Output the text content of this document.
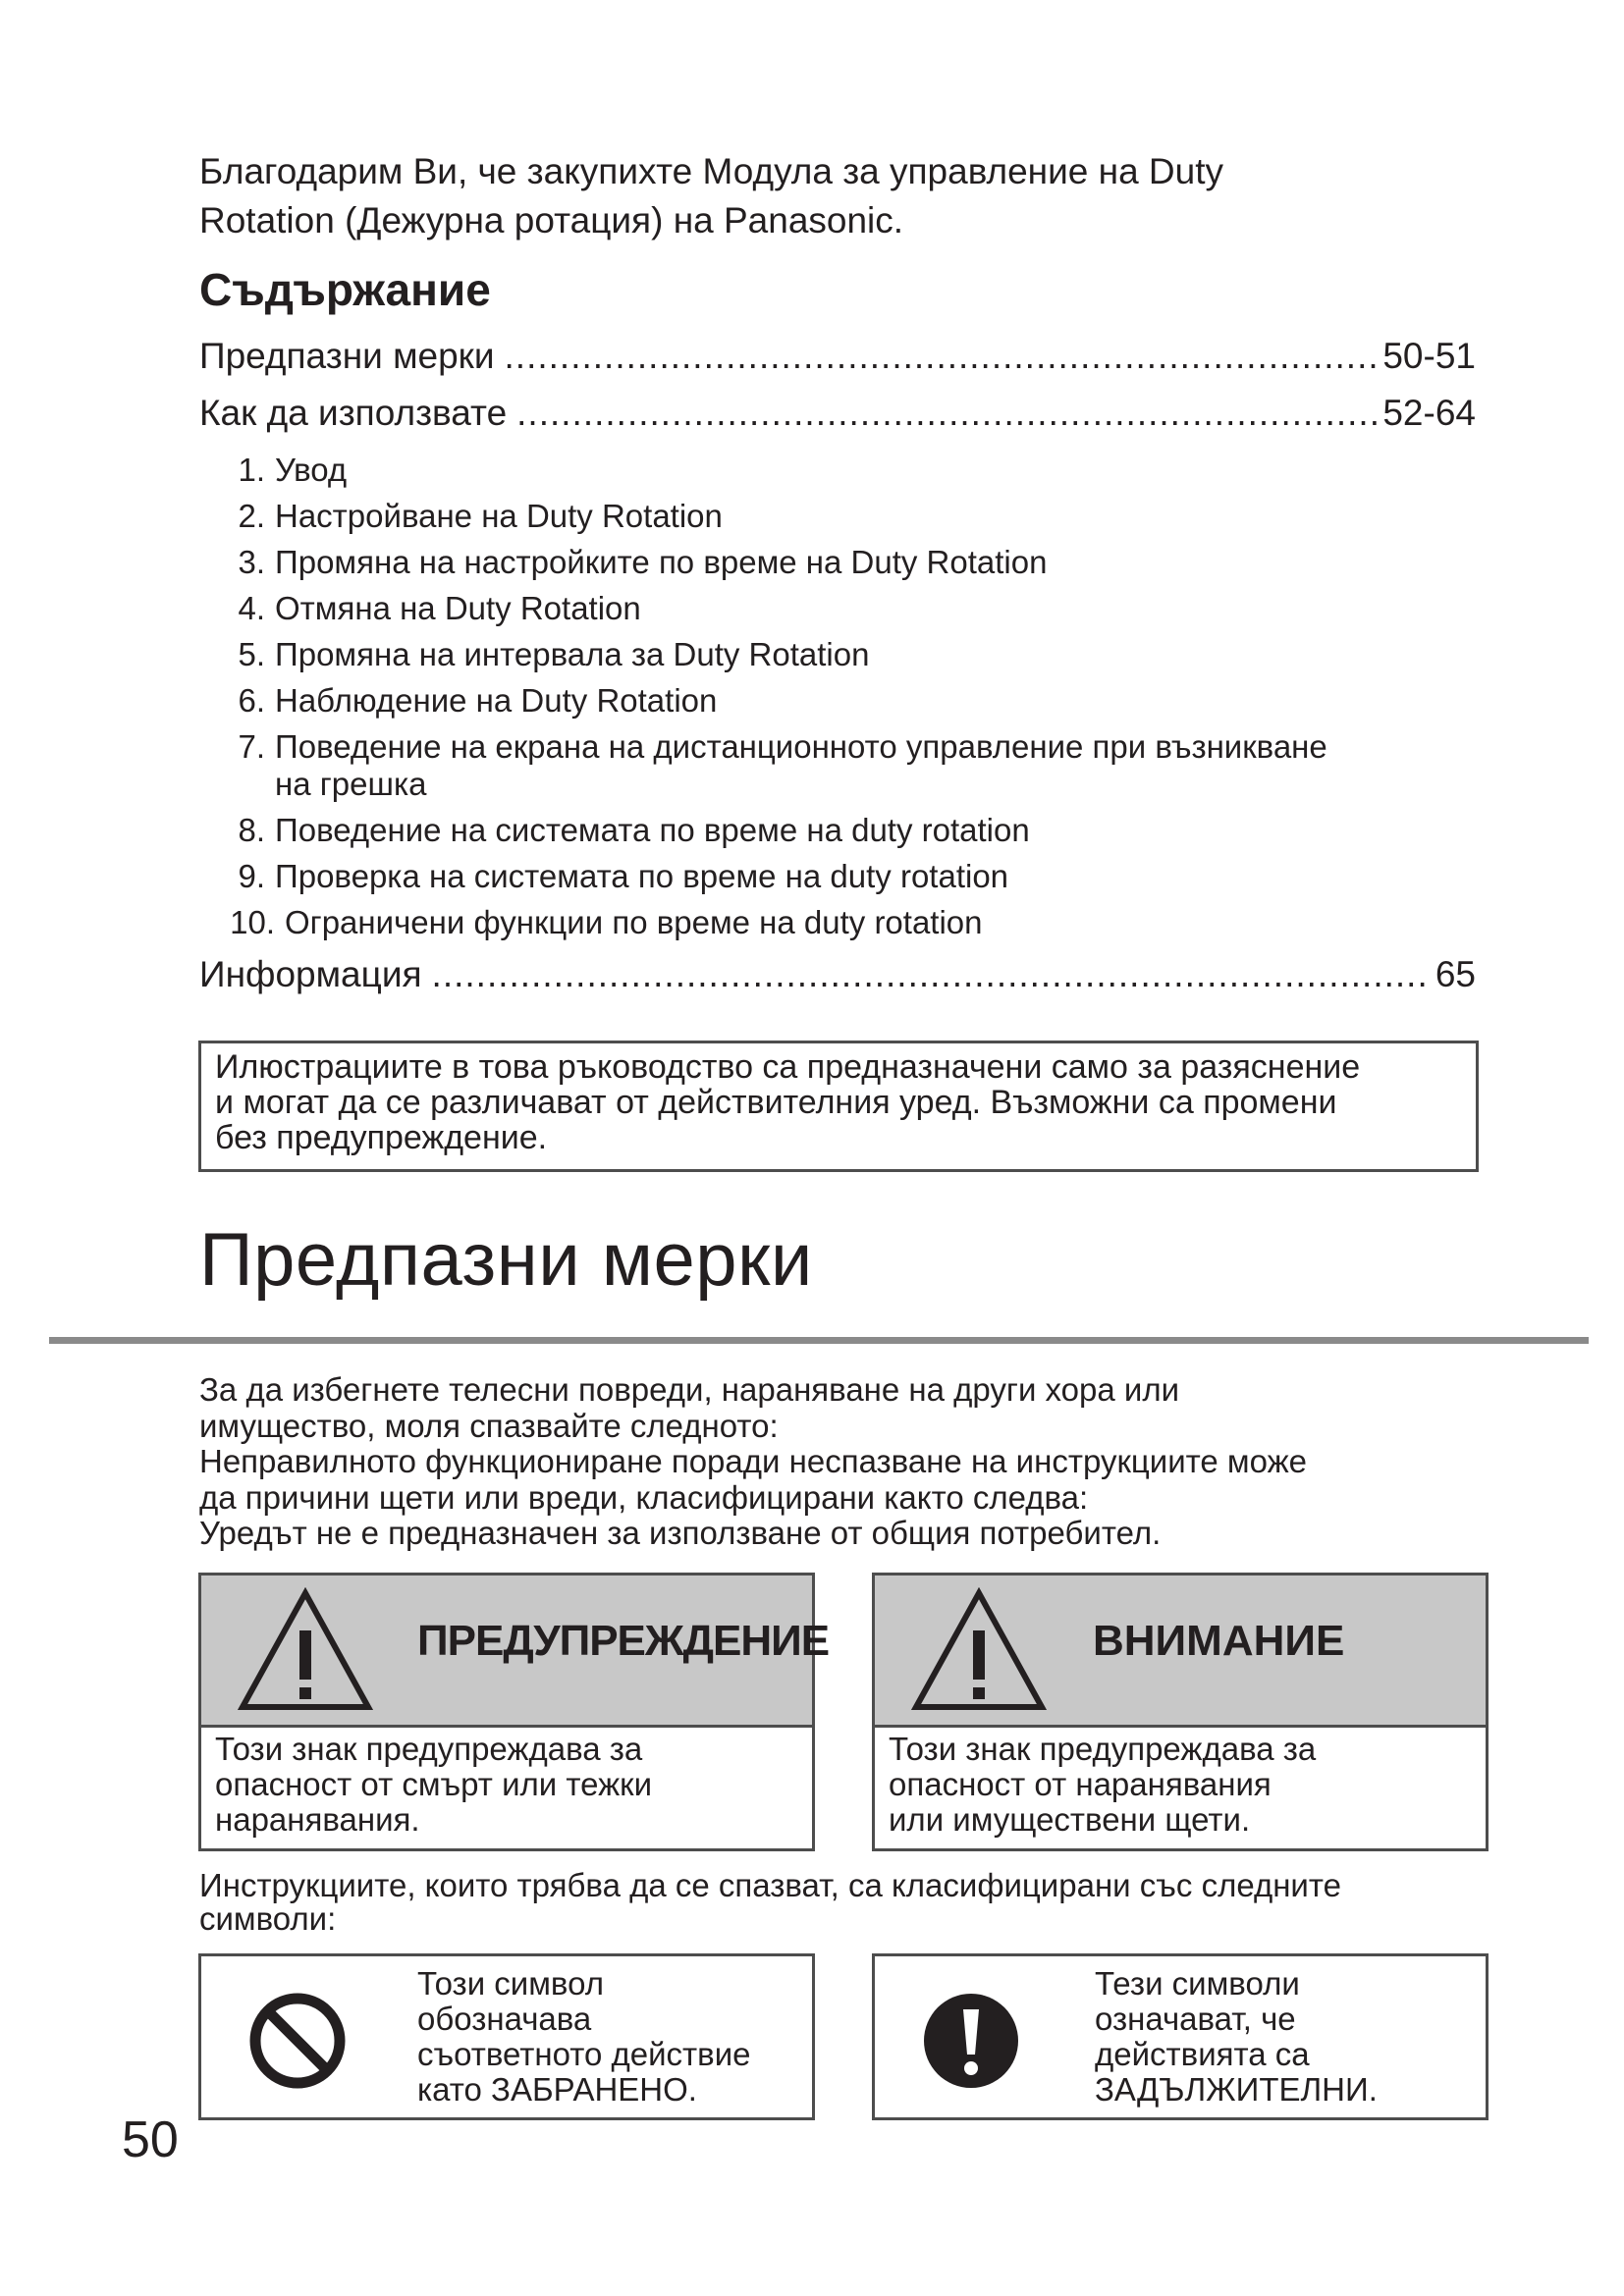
Благодарим Ви, че закупихте Модула за управление на Duty
Rotation (Дежурна ротация) на Panasonic.
Съдържание
Предпазни мерки .....	50-51
Как да използвате .....	52-64
1. Увод
2. Настройване на Duty Rotation
3. Промяна на настройките по време на Duty Rotation
4. Отмяна на Duty Rotation
5. Промяна на интервала за Duty Rotation
6. Наблюдение на Duty Rotation
7. Поведение на екрана на дистанционното управление при възникване
на грешка
8. Поведение на системата по време на duty rotation
9. Проверка на системата по време на duty rotation
10. Ограничени функции по време на duty rotation
Информация .....	65
Илюстрациите в това ръководство са предназначени само за разяснение
и могат да се различават от действителния уред. Възможни са промени
без предупреждение.
Предпазни мерки
За да избегнете телесни повреди, нараняване на други хора или
имущество, моля спазвайте следното:
Неправилното функциониране поради неспазване на инструкциите може
да причини щети или вреди, класифицирани както следва:
Уредът не е предназначен за използване от общия потребител.
ПРЕДУПРЕЖДЕНИЕ
Този знак предупреждава за
опасност от смърт или тежки
наранявания.
ВНИМАНИЕ
Този знак предупреждава за
опасност от наранявания
или имуществени щети.
Инструкциите, които трябва да се спазват, са класифицирани със следните
символи:
Този символ
обозначава
съответното действие
като ЗАБРАНЕНО.
Тези символи
означават, че
действията са
ЗАДЪЛЖИТЕЛНИ.
50
